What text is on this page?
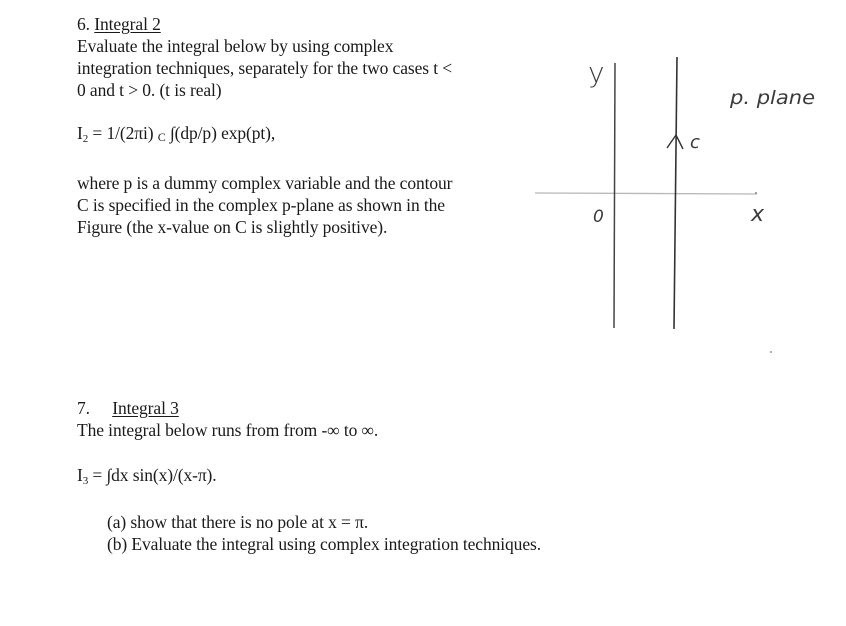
6. Integral 2
Evaluate the integral below by using complex
integration techniques, separately for the two cases t <
0 and t > 0. (t is real)
I2 = 1/(2πi) C ∫(dp/p) exp(pt),
where p is a dummy complex variable and the contour
C is specified in the complex p-plane as shown in the
Figure (the x-value on C is slightly positive).
y
x
0
c
p. plane
7. Integral 3
The integral below runs from from -∞ to ∞.
I3 = ∫dx sin(x)/(x-π).
(a) show that there is no pole at x = π.
(b) Evaluate the integral using complex integration techniques.
